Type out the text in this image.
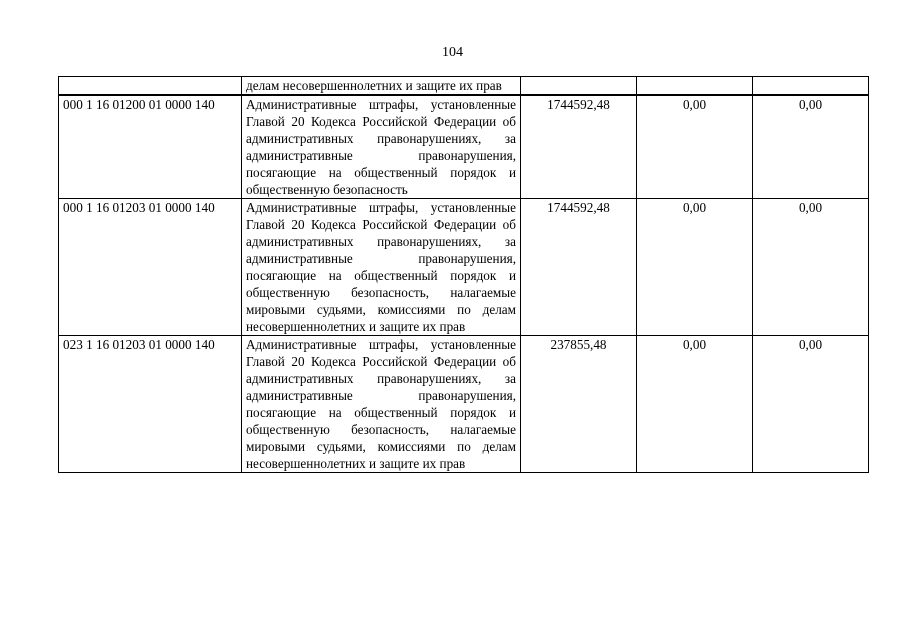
104
	делам несовершеннолетних и защите их прав			
000 1 16 01200 01 0000 140	Административные штрафы, установленные Главой 20 Кодекса Российской Федерации об административных правонарушениях, за административные правонарушения, посягающие на общественный порядок и общественную безопасность	1744592,48	0,00	0,00
000 1 16 01203 01 0000 140	Административные штрафы, установленные Главой 20 Кодекса Российской Федерации об административных правонарушениях, за административные правонарушения, посягающие на общественный порядок и общественную безопасность, налагаемые мировыми судьями, комиссиями по делам несовершеннолетних и защите их прав	1744592,48	0,00	0,00
023 1 16 01203 01 0000 140	Административные штрафы, установленные Главой 20 Кодекса Российской Федерации об административных правонарушениях, за административные правонарушения, посягающие на общественный порядок и общественную безопасность, налагаемые мировыми судьями, комиссиями по делам несовершеннолетних и защите их прав	237855,48	0,00	0,00
